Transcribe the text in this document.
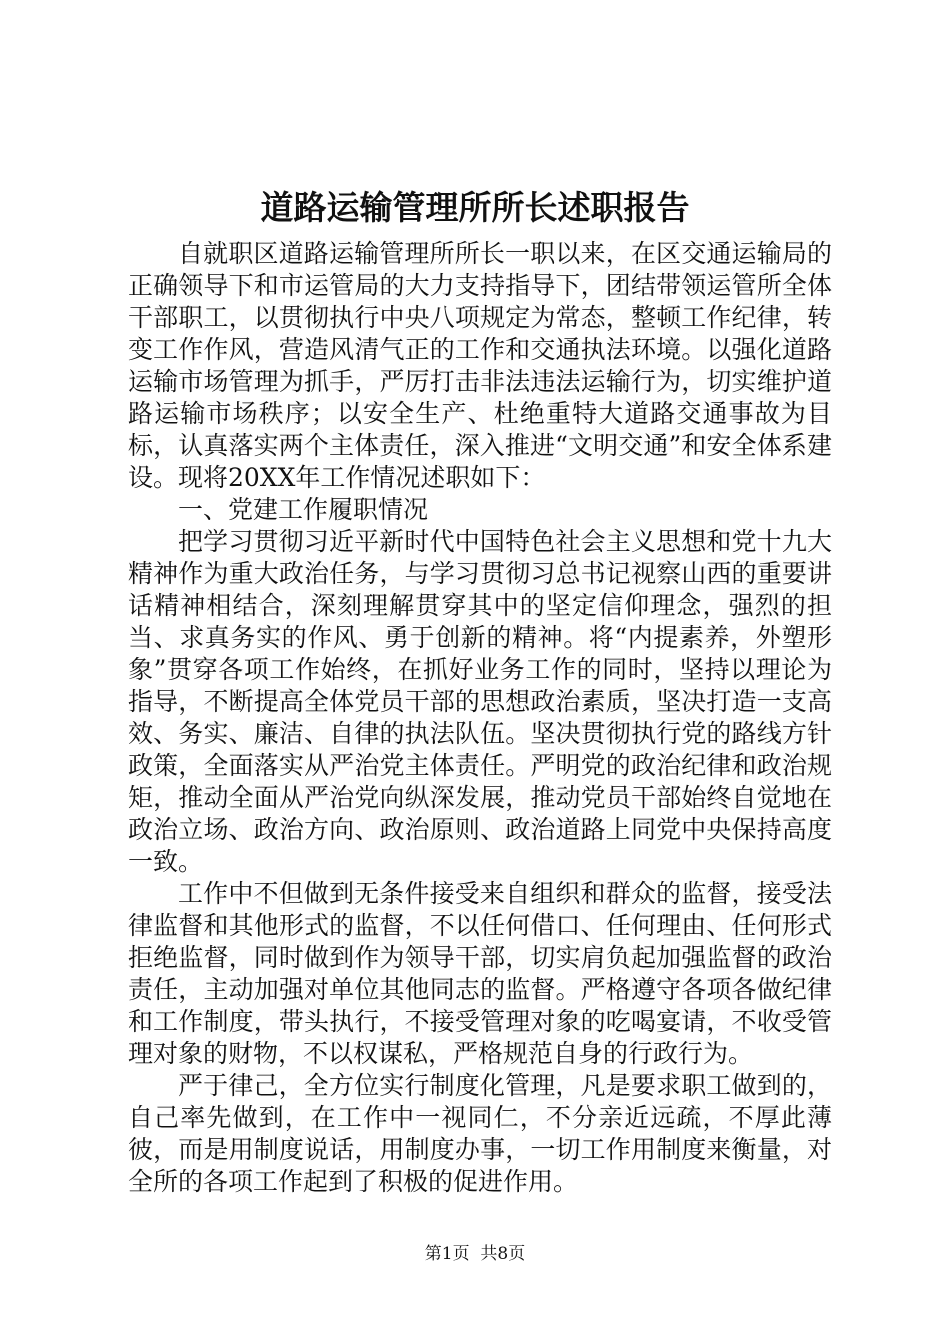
道路运输管理所所长述职报告

自就职区道路运输管理所所长一职以来，在区交通运输局的正确领导下和市运管局的大力支持指导下，团结带领运管所全体干部职工，以贯彻执行中央八项规定为常态，整顿工作纪律，转变工作作风，营造风清气正的工作和交通执法环境。以强化道路运输市场管理为抓手，严厉打击非法违法运输行为，切实维护道路运输市场秩序；以安全生产、杜绝重特大道路交通事故为目标，认真落实两个主体责任，深入推进“文明交通”和安全体系建设。现将20XX年工作情况述职如下：

一、党建工作履职情况

把学习贯彻习近平新时代中国特色社会主义思想和党十九大精神作为重大政治任务，与学习贯彻习总书记视察山西的重要讲话精神相结合，深刻理解贯穿其中的坚定信仰理念，强烈的担当、求真务实的作风、勇于创新的精神。将“内提素养，外塑形象”贯穿各项工作始终，在抓好业务工作的同时，坚持以理论为指导，不断提高全体党员干部的思想政治素质，坚决打造一支高效、务实、廉洁、自律的执法队伍。坚决贯彻执行党的路线方针政策，全面落实从严治党主体责任。严明党的政治纪律和政治规矩，推动全面从严治党向纵深发展，推动党员干部始终自觉地在政治立场、政治方向、政治原则、政治道路上同党中央保持高度一致。

工作中不但做到无条件接受来自组织和群众的监督，接受法律监督和其他形式的监督，不以任何借口、任何理由、任何形式拒绝监督，同时做到作为领导干部，切实肩负起加强监督的政治责任，主动加强对单位其他同志的监督。严格遵守各项各做纪律和工作制度，带头执行，不接受管理对象的吃喝宴请，不收受管理对象的财物，不以权谋私，严格规范自身的行政行为。

严于律己，全方位实行制度化管理，凡是要求职工做到的，自己率先做到，在工作中一视同仁，不分亲近远疏，不厚此薄彼，而是用制度说话，用制度办事，一切工作用制度来衡量，对全所的各项工作起到了积极的促进作用。

第1页  共8页
